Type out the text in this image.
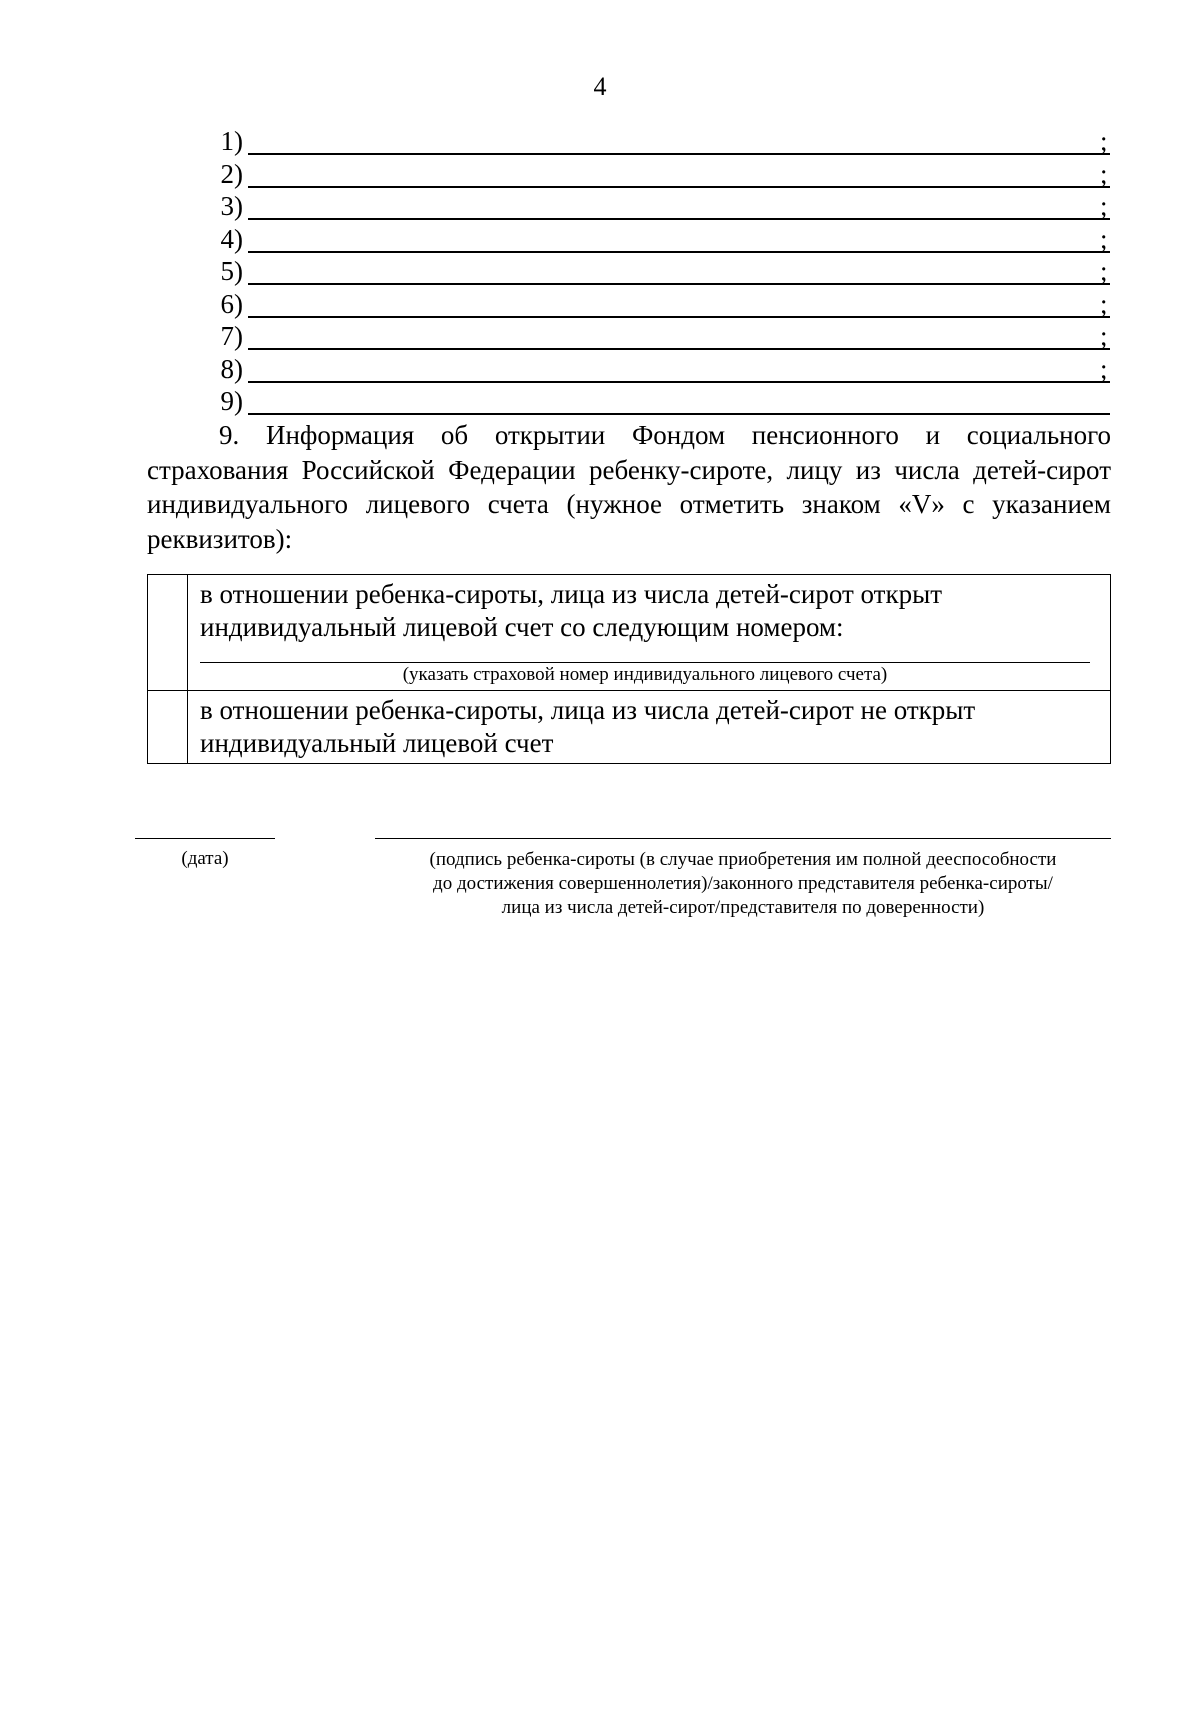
4
1)	;
2)	;
3)	;
4)	;
5)	;
6)	;
7)	;
8)	;
9)

9. Информация об открытии Фондом пенсионного и социального страхования Российской Федерации ребенку-сироте, лицу из числа детей-сирот индивидуального лицевого счета (нужное отметить знаком «V» с указанием реквизитов):

	в отношении ребенка-сироты, лица из числа детей-сирот открыт
индивидуальный лицевой счет со следующим номером:
(указать страховой номер индивидуального лицевого счета)

	в отношении ребенка-сироты, лица из числа детей-сирот не открыт
индивидуальный лицевой счет
(дата)	(подпись ребенка-сироты (в случае приобретения им полной дееспособности
до достижения совершеннолетия)/законного представителя ребенка-сироты/
лица из числа детей-сирот/представителя по доверенности)
